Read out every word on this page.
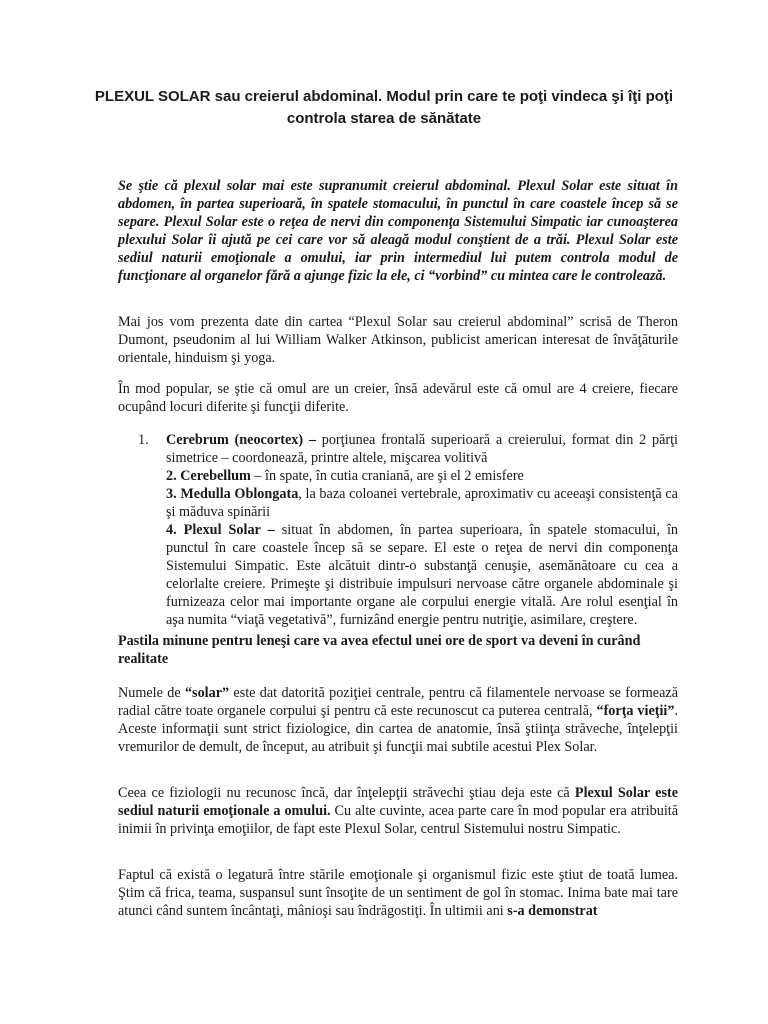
PLEXUL SOLAR sau creierul abdominal. Modul prin care te poţi vindeca şi îţi poţi controla starea de sănătate
Se ştie că plexul solar mai este supranumit creierul abdominal. Plexul Solar este situat în abdomen, în partea superioară, în spatele stomacului, în punctul în care coastele încep să se separe. Plexul Solar este o reţea de nervi din componenţa Sistemului Simpatic iar cunoaşterea plexului Solar îi ajută pe cei care vor să aleagă modul conştient de a trăi. Plexul Solar este sediul naturii emoţionale a omului, iar prin intermediul lui putem controla modul de funcţionare al organelor fără a ajunge fizic la ele, ci “vorbind” cu mintea care le controlează.
Mai jos vom prezenta date din cartea “Plexul Solar sau creierul abdominal” scrisă de Theron Dumont, pseudonim al lui William Walker Atkinson, publicist american interesat de învăţăturile orientale, hinduism şi yoga.
În mod popular, se ştie că omul are un creier, însă adevărul este că omul are 4 creiere, fiecare ocupând locuri diferite şi funcţii diferite.
1. Cerebrum (neocortex) – porţiunea frontală superioară a creierului, format din 2 părţi simetrice – coordonează, printre altele, mişcarea volitivă
2. Cerebellum – în spate, în cutia craniană, are şi el 2 emisfere
3. Medulla Oblongata, la baza coloanei vertebrale, aproximativ cu aceeaşi consistenţă ca şi măduva spinării
4. Plexul Solar – situat în abdomen, în partea superioara, în spatele stomacului, în punctul în care coastele încep să se separe. El este o reţea de nervi din componenţa Sistemului Simpatic. Este alcătuit dintr-o substanţă cenuşie, asemănătoare cu cea a celorlalte creiere. Primeşte şi distribuie impulsuri nervoase către organele abdominale şi furnizeaza celor mai importante organe ale corpului energie vitală. Are rolul esenţial în aşa numita “viaţă vegetativă”, furnizând energie pentru nutriţie, asimilare, creştere.
Pastila minune pentru leneşi care va avea efectul unei ore de sport va deveni în curând realitate
Numele de “solar” este dat datorită poziţiei centrale, pentru că filamentele nervoase se formează radial către toate organele corpului şi pentru că este recunoscut ca puterea centrală, “forţa vieţii”. Aceste informaţii sunt strict fiziologice, din cartea de anatomie, însă ştiinţa străveche, înţelepţii vremurilor de demult, de început, au atribuit şi funcţii mai subtile acestui Plex Solar.
Ceea ce fiziologii nu recunosc încă, dar înţelepţii străvechi ştiau deja este că Plexul Solar este sediul naturii emoţionale a omului. Cu alte cuvinte, acea parte care în mod popular era atribuită inimii în privinţa emoţiilor, de fapt este Plexul Solar, centrul Sistemului nostru Simpatic.
Faptul că există o legatură între stările emoţionale şi organismul fizic este ştiut de toată lumea. Ştim că frica, teama, suspansul sunt însoţite de un sentiment de gol în stomac. Inima bate mai tare atunci când suntem încântaţi, mânioşi sau îndrăgostiţi. În ultimii ani s-a demonstrat
